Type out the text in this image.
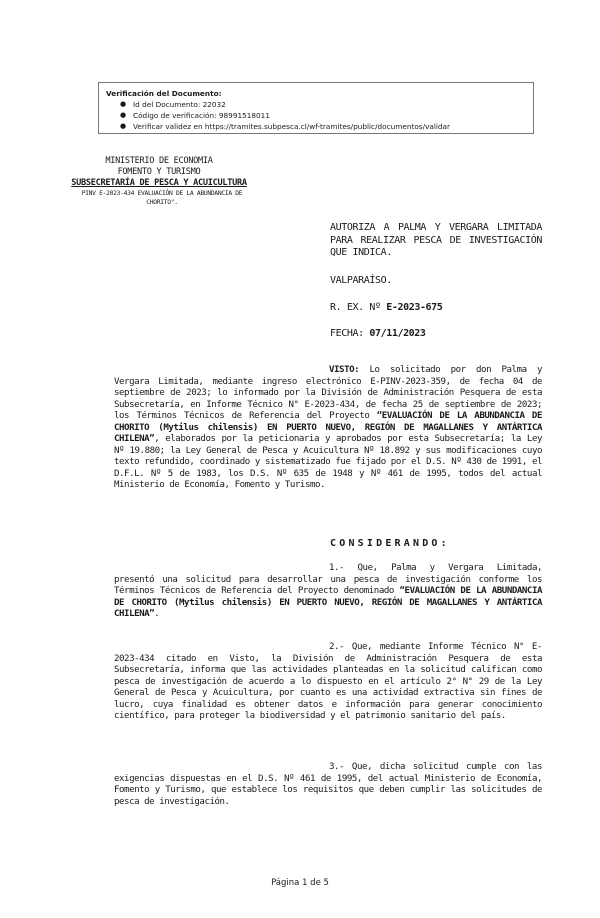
Verificación del Documento:
● Id del Documento: 22032
● Código de verificación: 98991518011
● Verificar validez en https://tramites.subpesca.cl/wf-tramites/public/documentos/validar
MINISTERIO DE ECONOMIA
FOMENTO Y TURISMO
SUBSECRETARÍA DE PESCA Y ACUICULTURA
PINV E-2023-434 EVALUACIÓN DE LA ABUNDANCIA DE
CHORITO".
AUTORIZA A PALMA Y VERGARA LIMITADA PARA REALIZAR PESCA DE INVESTIGACIÓN QUE INDICA.
VALPARAÍSO.
R. EX. Nº E-2023-675
FECHA: 07/11/2023
VISTO: Lo solicitado por don Palma y Vergara Limitada, mediante ingreso electrónico E-PINV-2023-359, de fecha 04 de septiembre de 2023; lo informado por la División de Administración Pesquera de esta Subsecretaría, en Informe Técnico N° E-2023-434, de fecha 25 de septiembre de 2023; los Términos Técnicos de Referencia del Proyecto “EVALUACIÓN DE LA ABUNDANCIA DE CHORITO (Mytilus chilensis) EN PUERTO NUEVO, REGIÓN DE MAGALLANES Y ANTÁRTICA CHILENA”, elaborados por la peticionaria y aprobados por esta Subsecretaría; la Ley Nº 19.880; la Ley General de Pesca y Acuicultura Nº 18.892 y sus modificaciones cuyo texto refundido, coordinado y sistematizado fue fijado por el D.S. Nº 430 de 1991, el D.F.L. Nº 5 de 1983, los D.S. Nº 635 de 1948 y Nº 461 de 1995, todos del actual Ministerio de Economía, Fomento y Turismo.
CONSIDERANDO:
1.- Que, Palma y Vergara Limitada, presentó una solicitud para desarrollar una pesca de investigación conforme los Términos Técnicos de Referencia del Proyecto denominado “EVALUACIÓN DE LA ABUNDANCIA DE CHORITO (Mytilus chilensis) EN PUERTO NUEVO, REGIÓN DE MAGALLANES Y ANTÁRTICA CHILENA”.
2.- Que, mediante Informe Técnico N° E-2023-434 citado en Visto, la División de Administración Pesquera de esta Subsecretaría, informa que las actividades planteadas en la solicitud califican como pesca de investigación de acuerdo a lo dispuesto en el artículo 2° N° 29 de la Ley General de Pesca y Acuicultura, por cuanto es una actividad extractiva sin fines de lucro, cuya finalidad es obtener datos e información para generar conocimiento científico, para proteger la biodiversidad y el patrimonio sanitario del país.
3.- Que, dicha solicitud cumple con las exigencias dispuestas en el D.S. Nº 461 de 1995, del actual Ministerio de Economía, Fomento y Turismo, que establece los requisitos que deben cumplir las solicitudes de pesca de investigación.
Página 1 de 5
